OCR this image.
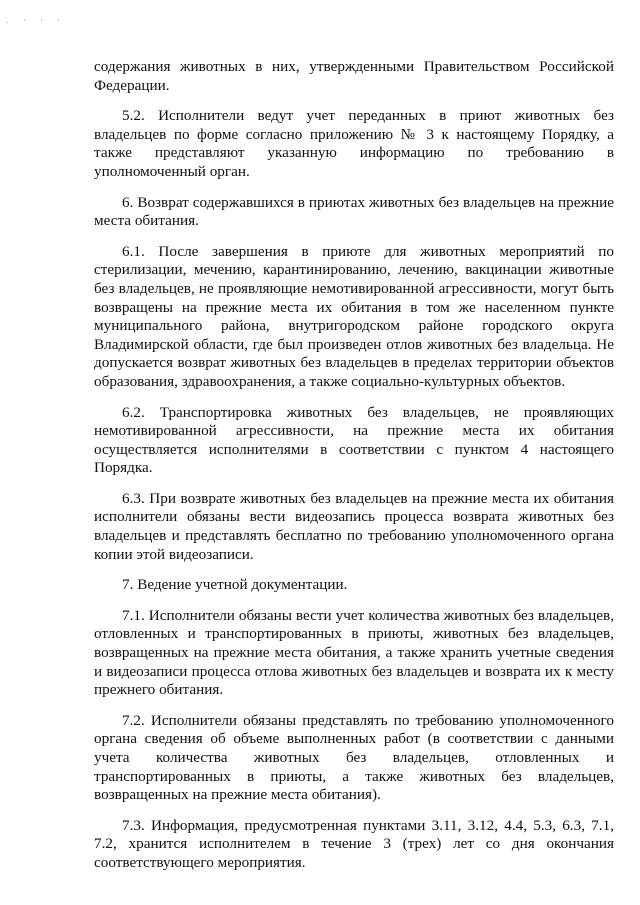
. · · ·

содержания животных в них, утвержденными Правительством Российской Федерации.

5.2. Исполнители ведут учет переданных в приют животных без владельцев по форме согласно приложению № 3 к настоящему Порядку, а также представляют указанную информацию по требованию в уполномоченный орган.

6. Возврат содержавшихся в приютах животных без владельцев на прежние места обитания.

6.1. После завершения в приюте для животных мероприятий по стерилизации, мечению, карантинированию, лечению, вакцинации животные без владельцев, не проявляющие немотивированной агрессивности, могут быть возвращены на прежние места их обитания в том же населенном пункте муниципального района, внутригородском районе городского округа Владимирской области, где был произведен отлов животных без владельца. Не допускается возврат животных без владельцев в пределах территории объектов образования, здравоохранения, а также социально-культурных объектов.

6.2. Транспортировка животных без владельцев, не проявляющих немотивированной агрессивности, на прежние места их обитания осуществляется исполнителями в соответствии с пунктом 4 настоящего Порядка.

6.3. При возврате животных без владельцев на прежние места их обитания исполнители обязаны вести видеозапись процесса возврата животных без владельцев и представлять бесплатно по требованию уполномоченного органа копии этой видеозаписи.

7. Ведение учетной документации.

7.1. Исполнители обязаны вести учет количества животных без владельцев, отловленных и транспортированных в приюты, животных без владельцев, возвращенных на прежние места обитания, а также хранить учетные сведения и видеозаписи процесса отлова животных без владельцев и возврата их к месту прежнего обитания.

7.2. Исполнители обязаны представлять по требованию уполномоченного органа сведения об объеме выполненных работ (в соответствии с данными учета количества животных без владельцев, отловленных и транспортированных в приюты, а также животных без владельцев, возвращенных на прежние места обитания).

7.3. Информация, предусмотренная пунктами 3.11, 3.12, 4.4, 5.3, 6.3, 7.1, 7.2, хранится исполнителем в течение 3 (трех) лет со дня окончания соответствующего мероприятия.
